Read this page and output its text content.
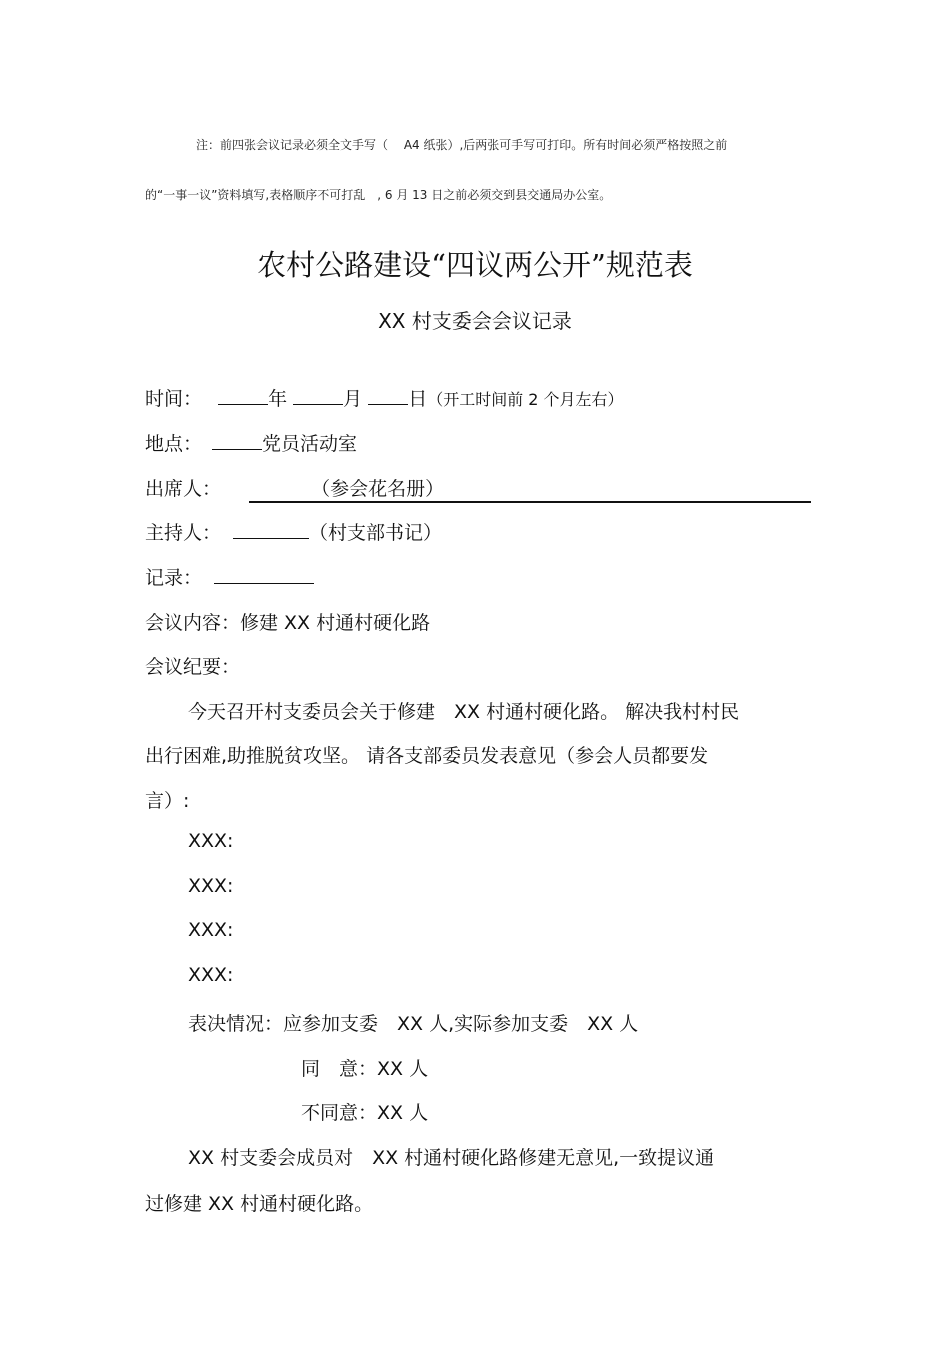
注：前四张会议记录必须全文手写（　 A4 纸张）,后两张可手写可打印。所有时间必须严格按照之前
的“一事一议”资料填写,表格顺序不可打乱　, 6 月 13 日之前必须交到县交通局办公室。
农村公路建设“四议两公开”规范表
XX 村支委会会议记录
时间：	年	月 日（开工时间前 2 个月左右）
地点：	党员活动室
出席人：	（参会花名册）
主持人：	（村支部书记）
记录：
会议内容：修建 XX 村通村硬化路
会议纪要：
今天召开村支委员会关于修建　XX 村通村硬化路。 解决我村村民
出行困难,助推脱贫攻坚。 请各支部委员发表意见（参会人员都要发
言）:
XXX:
XXX:
XXX:
XXX:
表决情况：应参加支委　XX 人,实际参加支委　XX 人
同　意：XX 人
不同意：XX 人
XX 村支委会成员对　XX 村通村硬化路修建无意见,一致提议通
过修建 XX 村通村硬化路。
